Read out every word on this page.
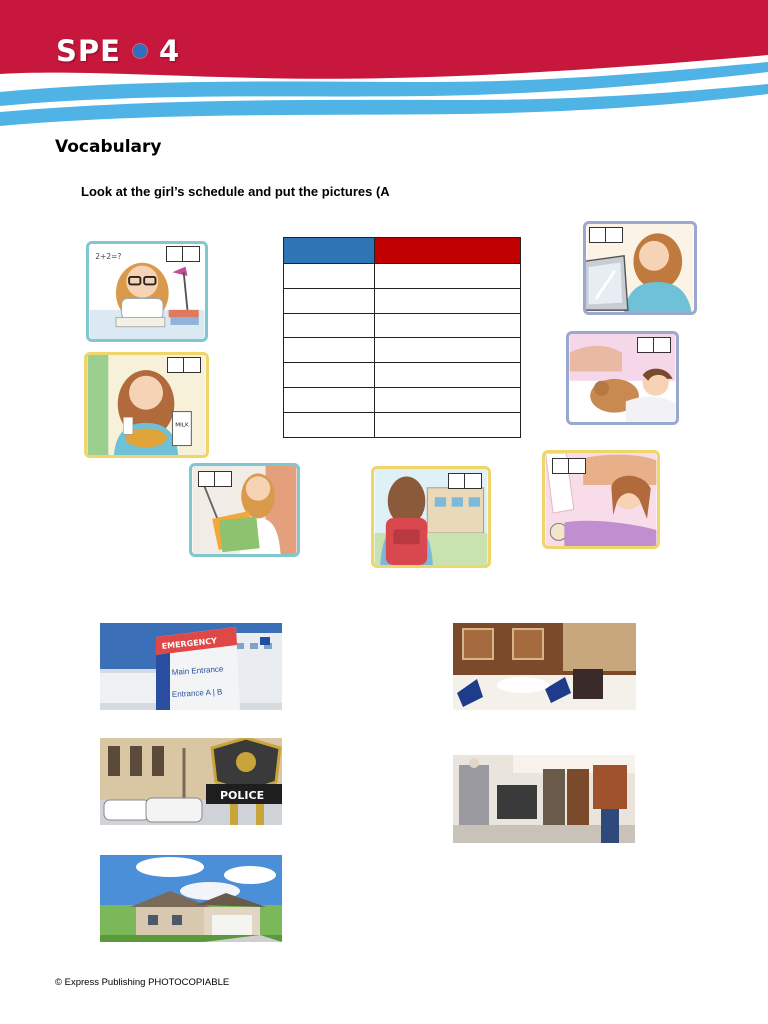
SPE 4
Vocabulary
Look at the girl’s schedule and put the pictures (A
2+2=?
MILK

EMERGENCY
Main Entrance
Entrance A | B
POLICE
© Express Publishing PHOTOCOPIABLE
